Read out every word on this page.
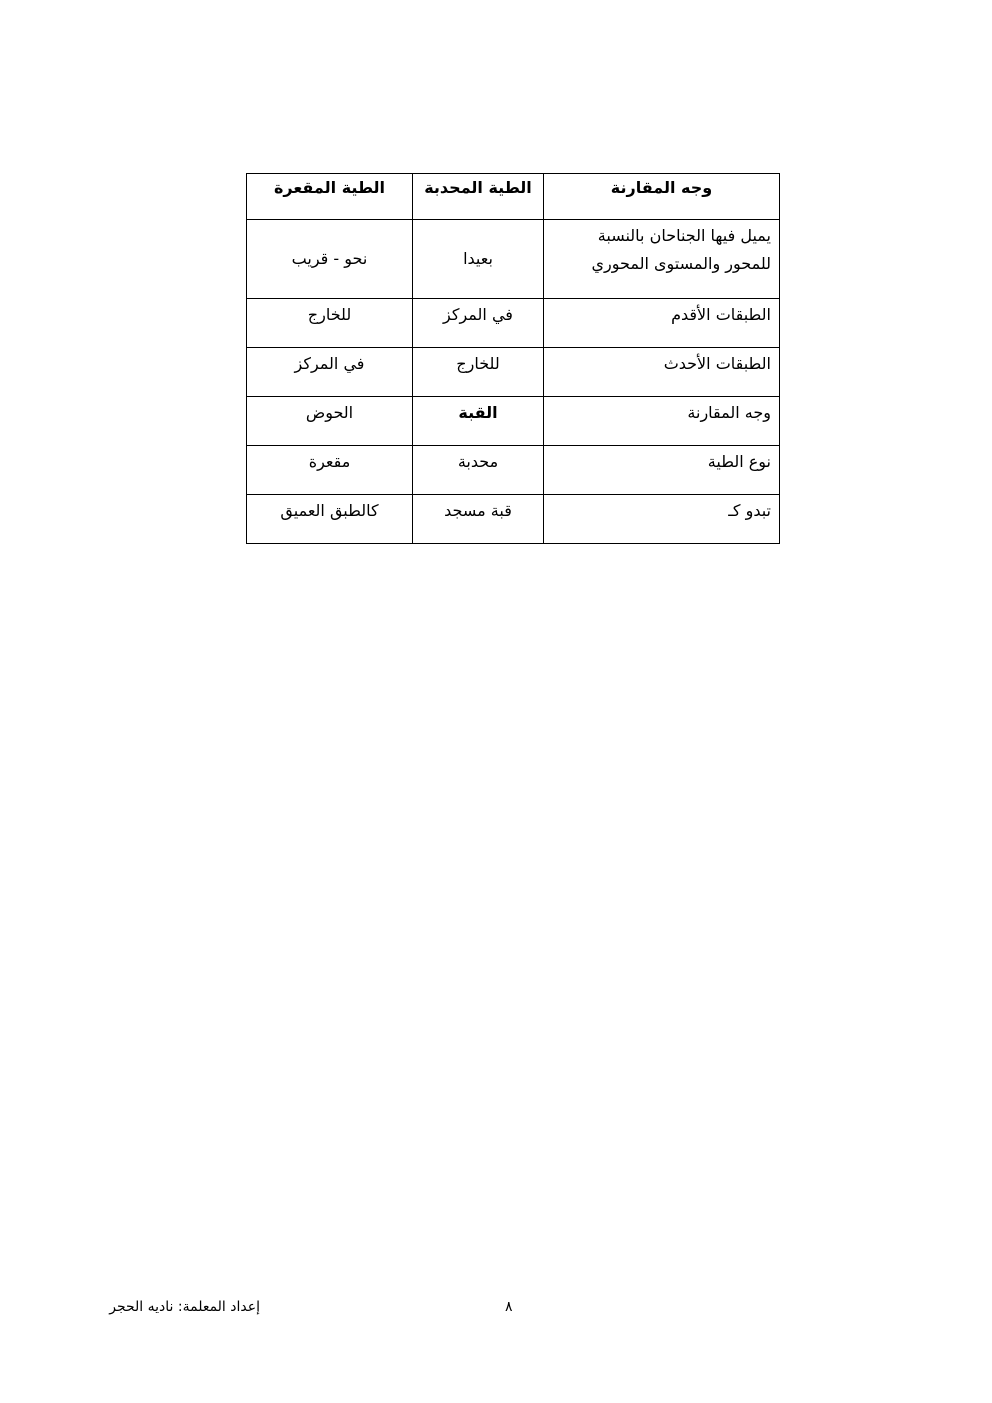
وجه المقارنة	الطية المحدبة	الطية المقعرة
يميل فيها الجناحان بالنسبة للمحور والمستوى المحوري	بعيدا	نحو - قريب
الطبقات الأقدم	في المركز	للخارج
الطبقات الأحدث	للخارج	في المركز
وجه المقارنة	القبة	الحوض
نوع الطية	محدبة	مقعرة
تبدو كـ	قبة مسجد	كالطبق العميق
إعداد المعلمة: ناديه الحجر	٨
